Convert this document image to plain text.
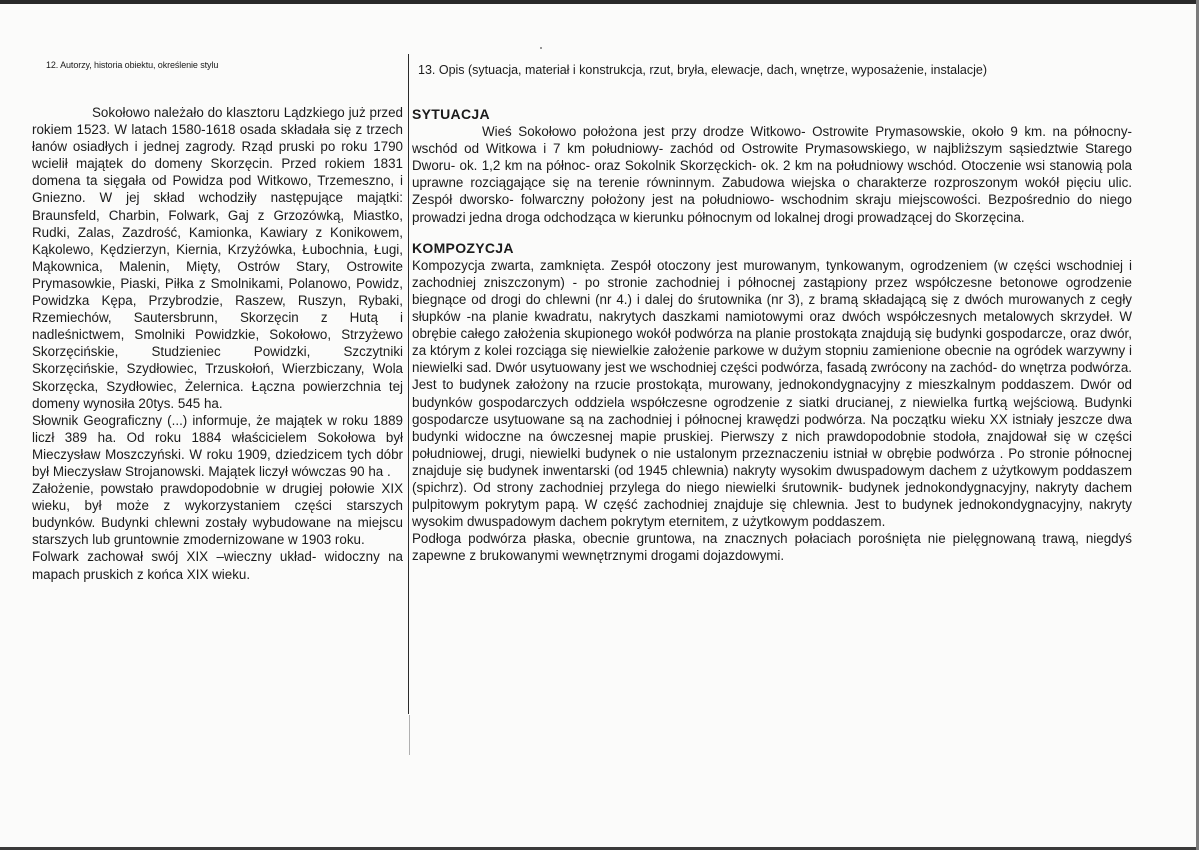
12. Autorzy, historia obiektu, określenie stylu	13. Opis (sytuacja, materiał i konstrukcja, rzut, bryła, elewacje, dach, wnętrze, wyposażenie, instalacje)

Sokołowo należało do klasztoru Lądzkiego już przed rokiem 1523. W latach 1580-1618 osada składała się z trzech łanów osiadłych i jednej zagrody. Rząd pruski po roku 1790 wcielił majątek do domeny Skorzęcin. Przed rokiem 1831 domena ta sięgała od Powidza pod Witkowo, Trzemeszno, i Gniezno. W jej skład wchodziły następujące majątki: Braunsfeld, Charbin, Folwark, Gaj z Grzozówką, Miastko, Rudki, Zalas, Zazdrość, Kamionka, Kawiary z Konikowem, Kąkolewo, Kędzierzyn, Kiernia, Krzyżówka, Łubochnia, Ługi, Mąkownica, Malenin, Mięty, Ostrów Stary, Ostrowite Prymasowkie, Piaski, Piłka z Smolnikami, Polanowo, Powidz, Powidzka Kępa, Przybrodzie, Raszew, Ruszyn, Rybaki, Rzemiechów, Sautersbrunn, Skorzęcin z Hutą i nadleśnictwem, Smolniki Powidzkie, Sokołowo, Strzyżewo Skorzęcińskie, Studzieniec Powidzki, Szczytniki Skorzęcińskie, Szydłowiec, Trzuskołoń, Wierzbiczany, Wola Skorzęcka, Szydłowiec, Żelernica. Łączna powierzchnia tej domeny wynosiła 20tys. 545 ha.

Słownik Geograficzny (...) informuje, że majątek w roku 1889 liczł 389 ha. Od roku 1884 właścicielem Sokołowa był Mieczysław Moszczyński. W roku 1909, dziedzicem tych dóbr był Mieczysław Strojanowski. Majątek liczył wówczas 90 ha .

Założenie, powstało prawdopodobnie w drugiej połowie XIX wieku, był może z wykorzystaniem części starszych budynków. Budynki chlewni zostały wybudowane na miejscu starszych lub gruntownie zmodernizowane w 1903 roku.

Folwark zachował swój XIX –wieczny układ- widoczny na mapach pruskich z końca XIX wieku.

SYTUACJA

Wieś Sokołowo położona jest przy drodze Witkowo- Ostrowite Prymasowskie, około 9 km. na północny- wschód od Witkowa i 7 km południowy- zachód od Ostrowite Prymasowskiego, w najbliższym sąsiedztwie Starego Dworu- ok. 1,2 km na północ- oraz Sokolnik Skorzęckich- ok. 2 km na południowy wschód. Otoczenie wsi stanowią pola uprawne rozciągające się na terenie równinnym. Zabudowa wiejska o charakterze rozproszonym wokół pięciu ulic. Zespół dworsko- folwarczny położony jest na południowo- wschodnim skraju miejscowości. Bezpośrednio do niego prowadzi jedna droga odchodząca w kierunku północnym od lokalnej drogi prowadzącej do Skorzęcina.

KOMPOZYCJA

Kompozycja zwarta, zamknięta. Zespół otoczony jest murowanym, tynkowanym, ogrodzeniem (w części wschodniej i zachodniej zniszczonym) - po stronie zachodniej i północnej zastąpiony przez współczesne betonowe ogrodzenie biegnące od drogi do chlewni (nr 4.) i dalej do śrutownika (nr 3), z bramą składającą się z dwóch murowanych z cegły słupków -na planie kwadratu, nakrytych daszkami namiotowymi oraz dwóch współczesnych metalowych skrzydeł. W obrębie całego założenia skupionego wokół podwórza na planie prostokąta znajdują się budynki gospodarcze, oraz dwór, za którym z kolei rozciąga się niewielkie założenie parkowe w dużym stopniu zamienione obecnie na ogródek warzywny i niewielki sad. Dwór usytuowany jest we wschodniej części podwórza, fasadą zwrócony na zachód- do wnętrza podwórza. Jest to budynek założony na rzucie prostokąta, murowany, jednokondygnacyjny z mieszkalnym poddaszem. Dwór od budynków gospodarczych oddziela współczesne ogrodzenie z siatki drucianej, z niewielka furtką wejściową. Budynki gospodarcze usytuowane są na zachodniej i północnej krawędzi podwórza. Na początku wieku XX istniały jeszcze dwa budynki widoczne na ówczesnej mapie pruskiej. Pierwszy z nich prawdopodobnie stodoła, znajdował się w części południowej, drugi, niewielki budynek o nie ustalonym przeznaczeniu istniał w obrębie podwórza . Po stronie północnej znajduje się budynek inwentarski (od 1945 chlewnia) nakryty wysokim dwuspadowym dachem z użytkowym poddaszem (spichrz). Od strony zachodniej przylega do niego niewielki śrutownik- budynek jednokondygnacyjny, nakryty dachem pulpitowym pokrytym papą. W część zachodniej znajduje się chlewnia. Jest to budynek jednokondygnacyjny, nakryty wysokim dwuspadowym dachem pokrytym eternitem, z użytkowym poddaszem.

Podłoga podwórza płaska, obecnie gruntowa, na znacznych połaciach porośnięta nie pielęgnowaną trawą, niegdyś zapewne z brukowanymi wewnętrznymi drogami dojazdowymi.
